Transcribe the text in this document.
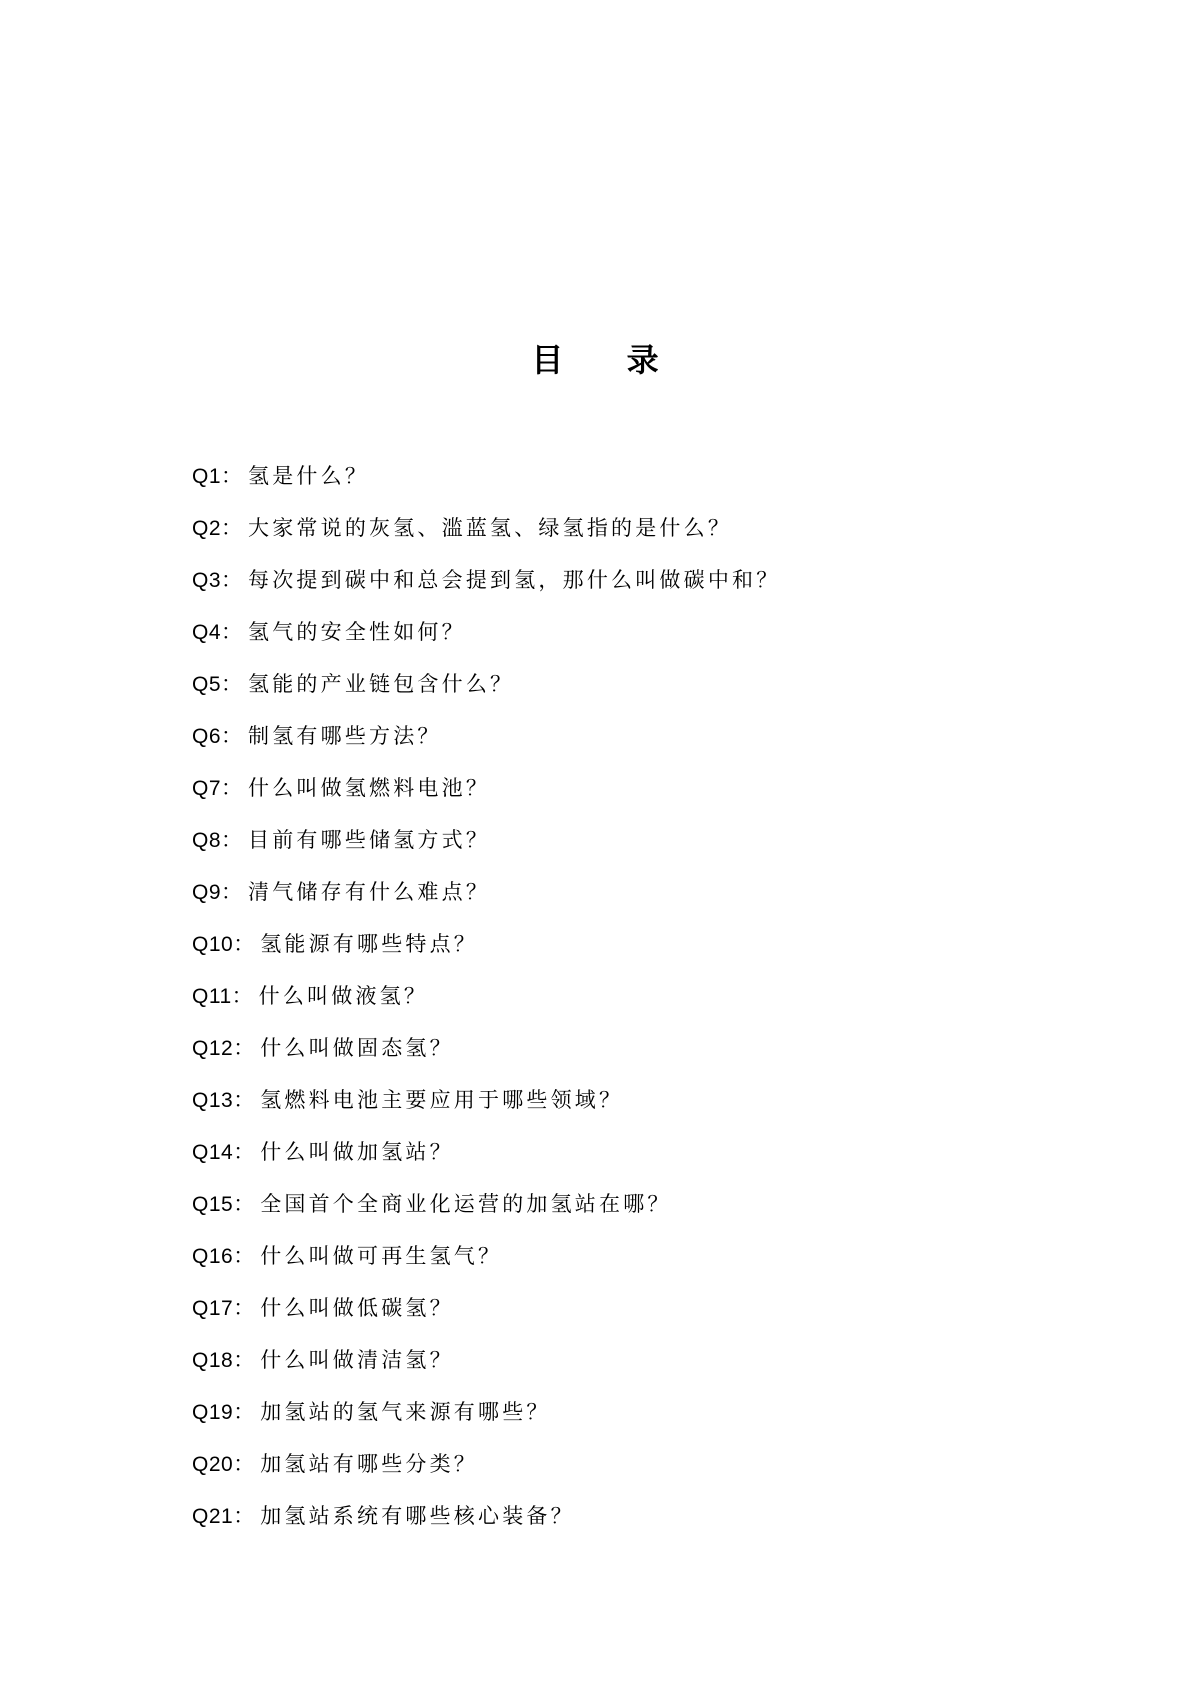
目 录
Q1： 氢是什么？
Q2： 大家常说的灰氢、滥蓝氢、绿氢指的是什么？
Q3： 每次提到碳中和总会提到氢，那什么叫做碳中和？
Q4： 氢气的安全性如何？
Q5： 氢能的产业链包含什么？
Q6： 制氢有哪些方法？
Q7： 什么叫做氢燃料电池？
Q8： 目前有哪些储氢方式？
Q9： 清气储存有什么难点？
Q10： 氢能源有哪些特点？
Q11： 什么叫做液氢？
Q12： 什么叫做固态氢？
Q13： 氢燃料电池主要应用于哪些领域？
Q14： 什么叫做加氢站？
Q15： 全国首个全商业化运营的加氢站在哪？
Q16： 什么叫做可再生氢气？
Q17： 什么叫做低碳氢？
Q18： 什么叫做清洁氢？
Q19： 加氢站的氢气来源有哪些？
Q20： 加氢站有哪些分类？
Q21： 加氢站系统有哪些核心装备？
